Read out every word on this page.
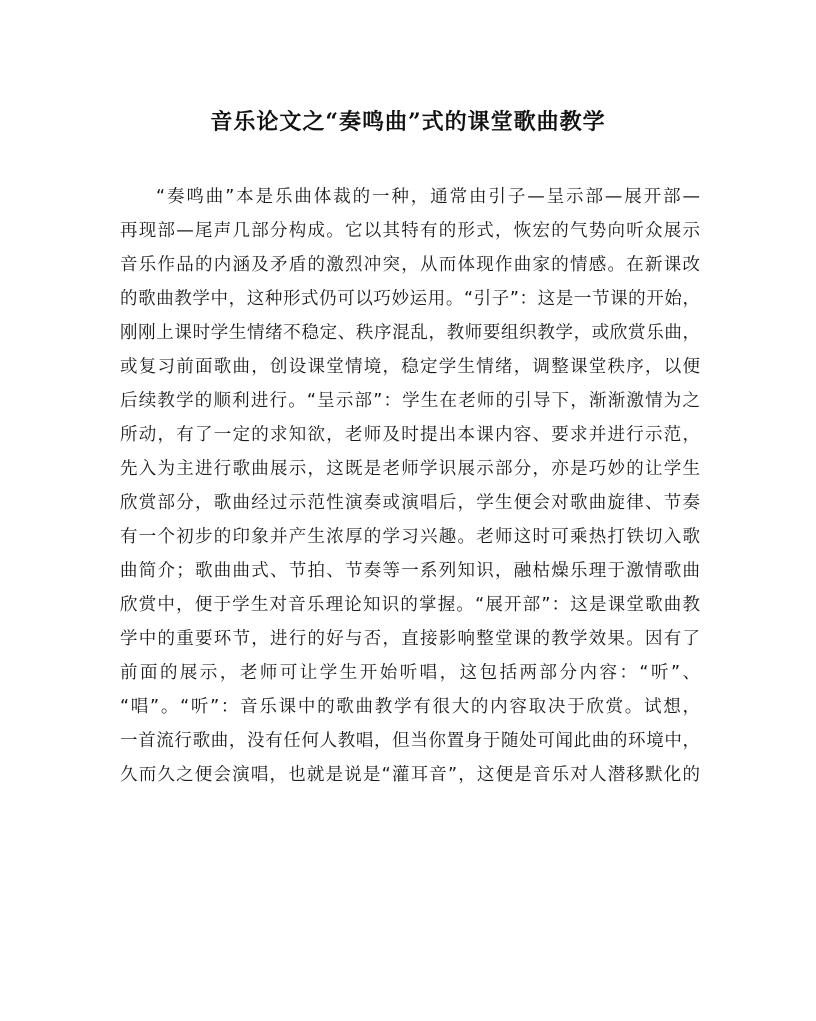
音乐论文之“奏鸣曲”式的课堂歌曲教学
“奏鸣曲”本是乐曲体裁的一种，通常由引子—呈示部—展开部—
再现部—尾声几部分构成。它以其特有的形式，恢宏的气势向听众展示
音乐作品的内涵及矛盾的激烈冲突，从而体现作曲家的情感。在新课改
的歌曲教学中，这种形式仍可以巧妙运用。“引子”：这是一节课的开始，
刚刚上课时学生情绪不稳定、秩序混乱，教师要组织教学，或欣赏乐曲，
或复习前面歌曲，创设课堂情境，稳定学生情绪，调整课堂秩序，以便
后续教学的顺利进行。“呈示部”：学生在老师的引导下，渐渐激情为之
所动，有了一定的求知欲，老师及时提出本课内容、要求并进行示范，
先入为主进行歌曲展示，这既是老师学识展示部分，亦是巧妙的让学生
欣赏部分，歌曲经过示范性演奏或演唱后，学生便会对歌曲旋律、节奏
有一个初步的印象并产生浓厚的学习兴趣。老师这时可乘热打铁切入歌
曲简介；歌曲曲式、节拍、节奏等一系列知识，融枯燥乐理于激情歌曲
欣赏中，便于学生对音乐理论知识的掌握。“展开部”：这是课堂歌曲教
学中的重要环节，进行的好与否，直接影响整堂课的教学效果。因有了
前面的展示，老师可让学生开始听唱，这包括两部分内容：“听”、
“唱”。“听”：音乐课中的歌曲教学有很大的内容取决于欣赏。试想，
一首流行歌曲，没有任何人教唱，但当你置身于随处可闻此曲的环境中，
久而久之便会演唱，也就是说是“灌耳音”，这便是音乐对人潜移默化的
